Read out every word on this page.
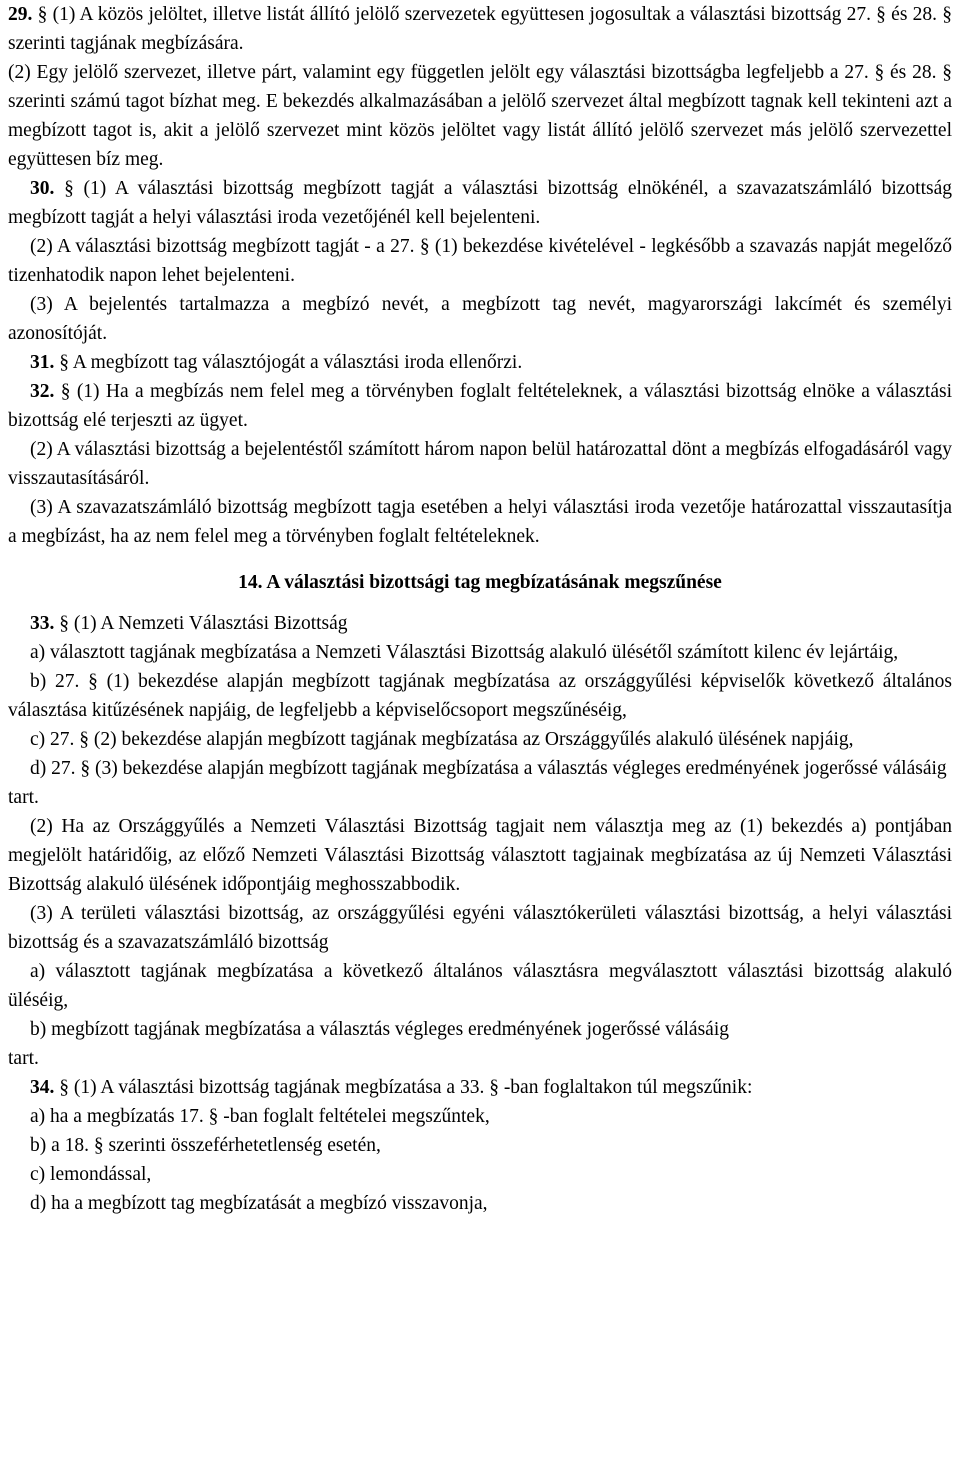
29. § (1) A közös jelöltet, illetve listát állító jelölő szervezetek együttesen jogosultak a választási bizottság 27. § és 28. § szerinti tagjának megbízására.

(2) Egy jelölő szervezet, illetve párt, valamint egy független jelölt egy választási bizottságba legfeljebb a 27. § és 28. § szerinti számú tagot bízhat meg. E bekezdés alkalmazásában a jelölő szervezet által megbízott tagnak kell tekinteni azt a megbízott tagot is, akit a jelölő szervezet mint közös jelöltet vagy listát állító jelölő szervezet más jelölő szervezettel együttesen bíz meg.

30. § (1) A választási bizottság megbízott tagját a választási bizottság elnökénél, a szavazatszámláló bizottság megbízott tagját a helyi választási iroda vezetőjénél kell bejelenteni.

(2) A választási bizottság megbízott tagját - a 27. § (1) bekezdése kivételével - legkésőbb a szavazás napját megelőző tizenhatodik napon lehet bejelenteni.

(3) A bejelentés tartalmazza a megbízó nevét, a megbízott tag nevét, magyarországi lakcímét és személyi azonosítóját.

31. § A megbízott tag választójogát a választási iroda ellenőrzi.

32. § (1) Ha a megbízás nem felel meg a törvényben foglalt feltételeknek, a választási bizottság elnöke a választási bizottság elé terjeszti az ügyet.

(2) A választási bizottság a bejelentéstől számított három napon belül határozattal dönt a megbízás elfogadásáról vagy visszautasításáról.

(3) A szavazatszámláló bizottság megbízott tagja esetében a helyi választási iroda vezetője határozattal visszautasítja a megbízást, ha az nem felel meg a törvényben foglalt feltételeknek.

14. A választási bizottsági tag megbízatásának megszűnése

33. § (1) A Nemzeti Választási Bizottság

a) választott tagjának megbízatása a Nemzeti Választási Bizottság alakuló ülésétől számított kilenc év lejártáig,

b) 27. § (1) bekezdése alapján megbízott tagjának megbízatása az országgyűlési képviselők következő általános választása kitűzésének napjáig, de legfeljebb a képviselőcsoport megszűnéséig,

c) 27. § (2) bekezdése alapján megbízott tagjának megbízatása az Országgyűlés alakuló ülésének napjáig,

d) 27. § (3) bekezdése alapján megbízott tagjának megbízatása a választás végleges eredményének jogerőssé válásáig

tart.

(2) Ha az Országgyűlés a Nemzeti Választási Bizottság tagjait nem választja meg az (1) bekezdés a) pontjában megjelölt határidőig, az előző Nemzeti Választási Bizottság választott tagjainak megbízatása az új Nemzeti Választási Bizottság alakuló ülésének időpontjáig meghosszabbodik.

(3) A területi választási bizottság, az országgyűlési egyéni választókerületi választási bizottság, a helyi választási bizottság és a szavazatszámláló bizottság

a) választott tagjának megbízatása a következő általános választásra megválasztott választási bizottság alakuló üléséig,

b) megbízott tagjának megbízatása a választás végleges eredményének jogerőssé válásáig

tart.

34. § (1) A választási bizottság tagjának megbízatása a 33. § -ban foglaltakon túl megszűnik:

a) ha a megbízatás 17. § -ban foglalt feltételei megszűntek,

b) a 18. § szerinti összeférhetetlenség esetén,

c) lemondással,

d) ha a megbízott tag megbízatását a megbízó visszavonja,
